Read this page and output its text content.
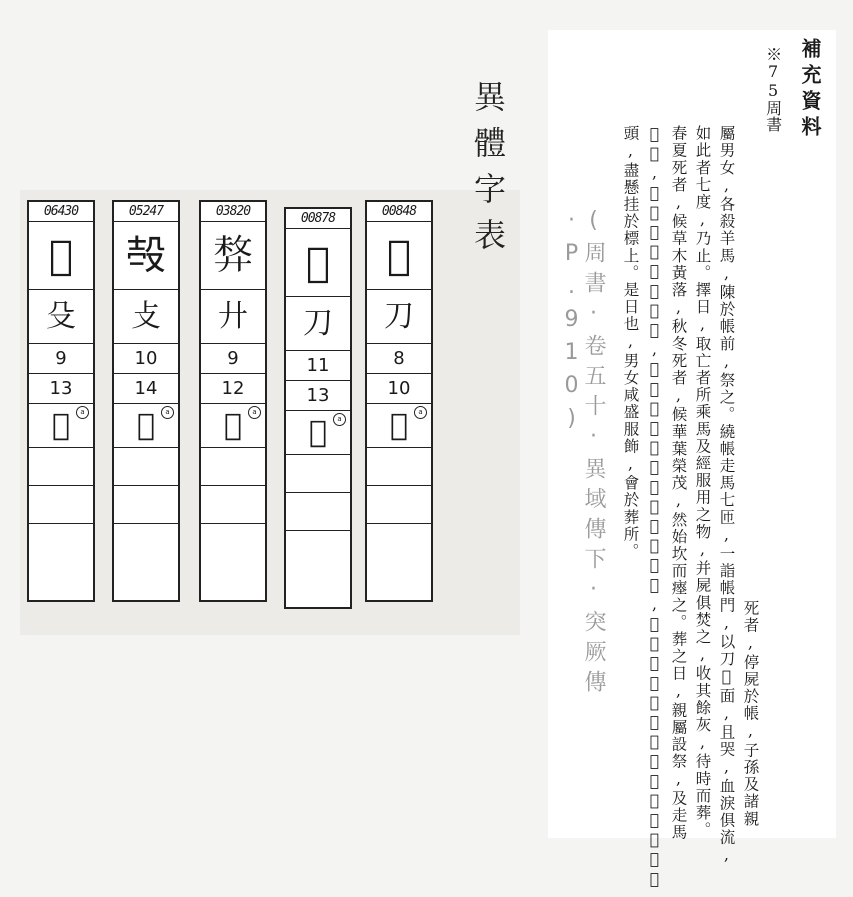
異體字表
06430
𠢐
殳
9
13
𠢐	a
05247
𣪊
攴
10
14
𠢐	a
03820
𢍛
廾
9
12
𠢐	a
00878
𠢐
刀
11
13
𠢐	a
00848
𠢐
刀
8
10
𠢐	a
補充資料
※75周書
死者,停屍於帳,子孫及諸親
屬男女,各殺羊馬,陳於帳前,祭之。繞帳走馬七匝,一詣帳門,以刀𠢐面,且哭,血淚俱流,
如此者七度,乃止。擇日,取亡者所乘馬及經服用之物,并屍俱焚之,收其餘灰,待時而葬。
春夏死者,候草木黃落,秋冬死者,候華葉榮茂,然始坎而瘞之。葬之日,親屬設祭,及走馬
𠢐面,如初死之儀。葬訖,於墓所立石建標。其石多少,依平生所殺人數。又以祭之羊馬
頭,盡懸挂於標上。是日也,男女咸盛服飾,會於葬所。
(周書·卷五十·異域傳下·突厥傳·P.910)
